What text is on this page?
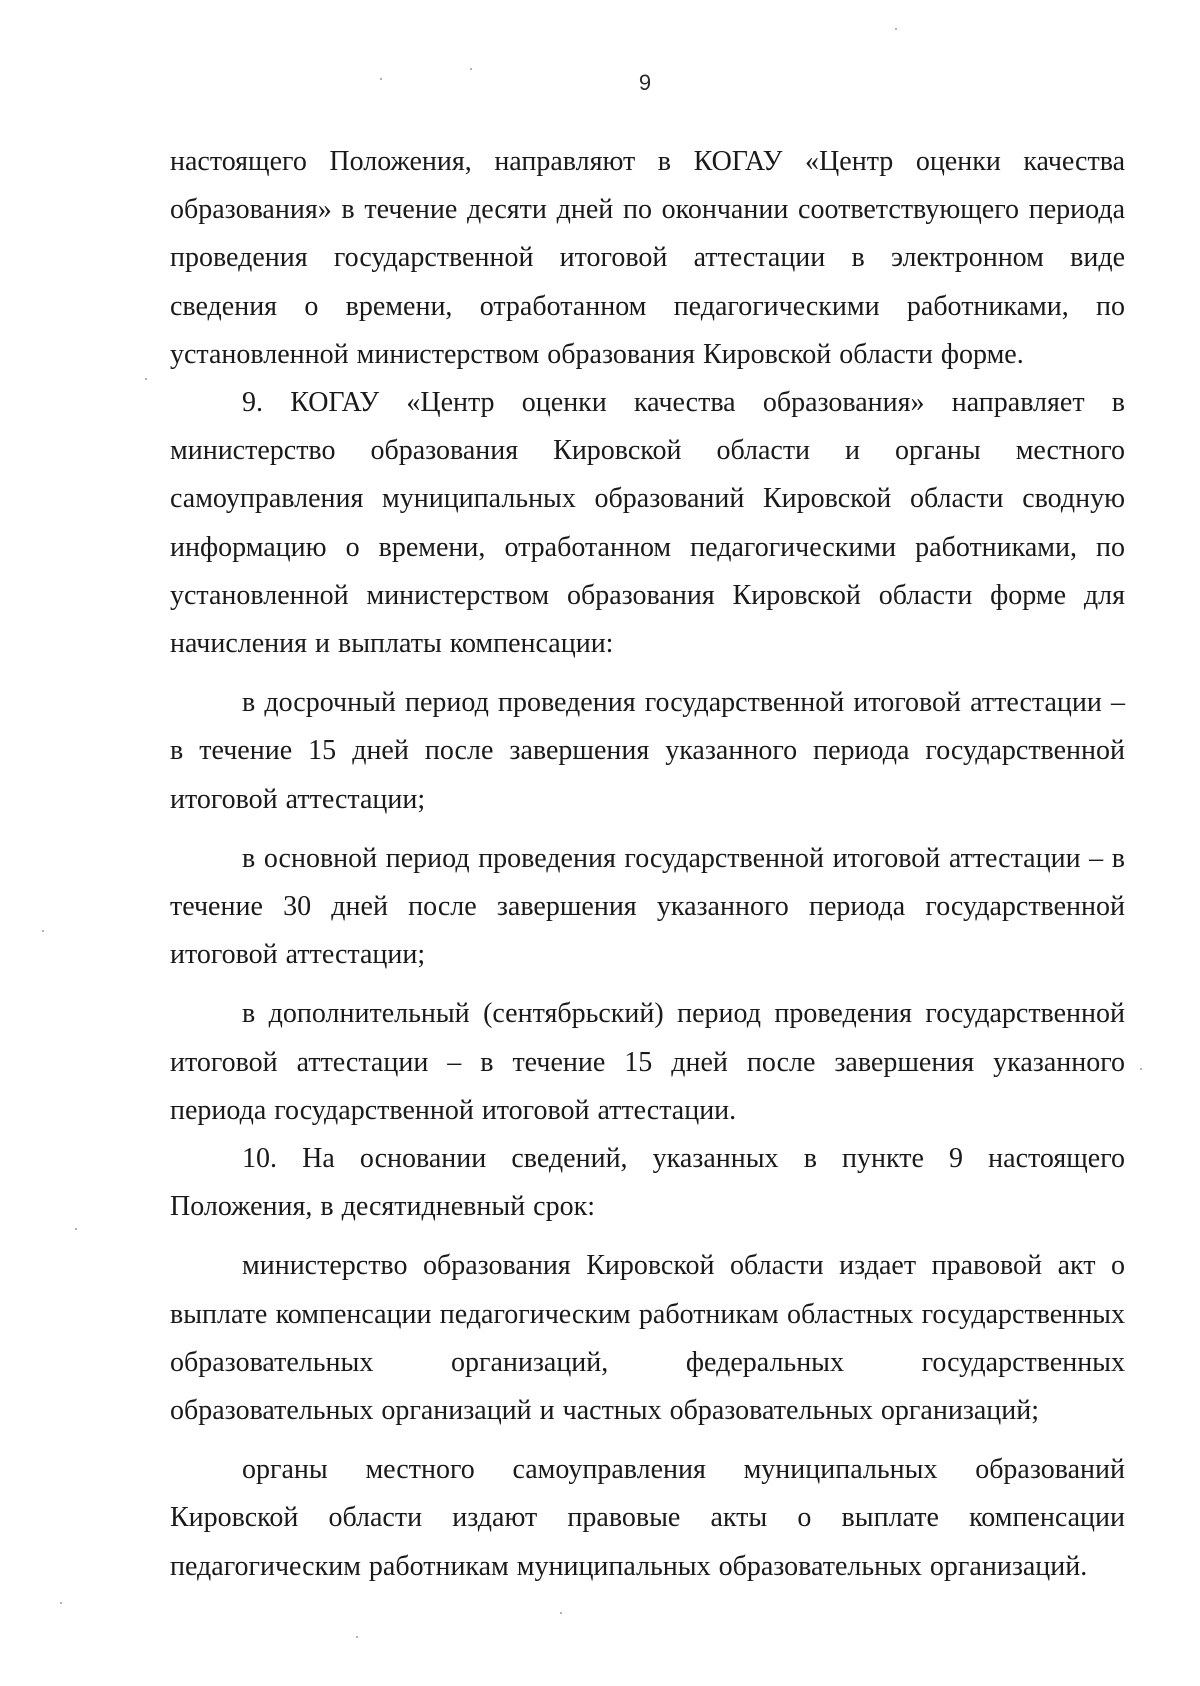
9

настоящего Положения, направляют в КОГАУ «Центр оценки качества образования» в течение десяти дней по окончании соответствующего периода проведения государственной итоговой аттестации в электронном виде сведения о времени, отработанном педагогическими работниками, по установленной министерством образования Кировской области форме.

9. КОГАУ «Центр оценки качества образования» направляет в министерство образования Кировской области и органы местного самоуправления муниципальных образований Кировской области сводную информацию о времени, отработанном педагогическими работниками, по установленной министерством образования Кировской области форме для начисления и выплаты компенсации:

в досрочный период проведения государственной итоговой аттестации – в течение 15 дней после завершения указанного периода государственной итоговой аттестации;

в основной период проведения государственной итоговой аттестации – в течение 30 дней после завершения указанного периода государственной итоговой аттестации;

в дополнительный (сентябрьский) период проведения государственной итоговой аттестации – в течение 15 дней после завершения указанного периода государственной итоговой аттестации.

10. На основании сведений, указанных в пункте 9 настоящего Положения, в десятидневный срок:

министерство образования Кировской области издает правовой акт о выплате компенсации педагогическим работникам областных государственных образовательных организаций, федеральных государственных образовательных организаций и частных образовательных организаций;

органы местного самоуправления муниципальных образований Кировской области издают правовые акты о выплате компенсации педагогическим работникам муниципальных образовательных организаций.
